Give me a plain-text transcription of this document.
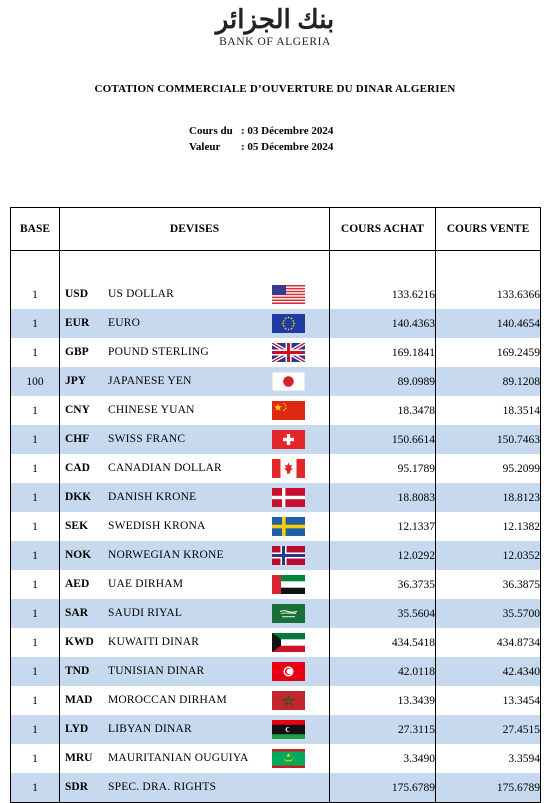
بنك الجزائر
BANK OF ALGERIA
COTATION COMMERCIALE D’OUVERTURE DU DINAR ALGERIEN
Cours du : 03 Décembre 2024
Valeur : 05 Décembre 2024
BASE	DEVISES	COURS ACHAT	COURS VENTE

1	USD US DOLLAR	133.6216	133.6366
1	EUR EURO	140.4363	140.4654
1	GBP POUND STERLING	169.1841	169.2459
100	JPY JAPANESE YEN	89.0989	89.1208
1	CNY CHINESE YUAN	18.3478	18.3514
1	CHF SWISS FRANC	150.6614	150.7463
1	CAD CANADIAN DOLLAR	95.1789	95.2099
1	DKK DANISH KRONE	18.8083	18.8123
1	SEK SWEDISH KRONA	12.1337	12.1382
1	NOK NORWEGIAN KRONE	12.0292	12.0352
1	AED UAE DIRHAM	36.3735	36.3875
1	SAR SAUDI RIYAL	35.5604	35.5700
1	KWD KUWAITI DINAR	434.5418	434.8734
1	TND TUNISIAN DINAR	42.0118	42.4340
1	MAD MOROCCAN DIRHAM	13.3439	13.3454
1	LYD LIBYAN DINAR	27.3115	27.4515
1	MRU MAURITANIAN OUGUIYA	3.3490	3.3594
1	SDR SPEC. DRA. RIGHTS	175.6789	175.6789
